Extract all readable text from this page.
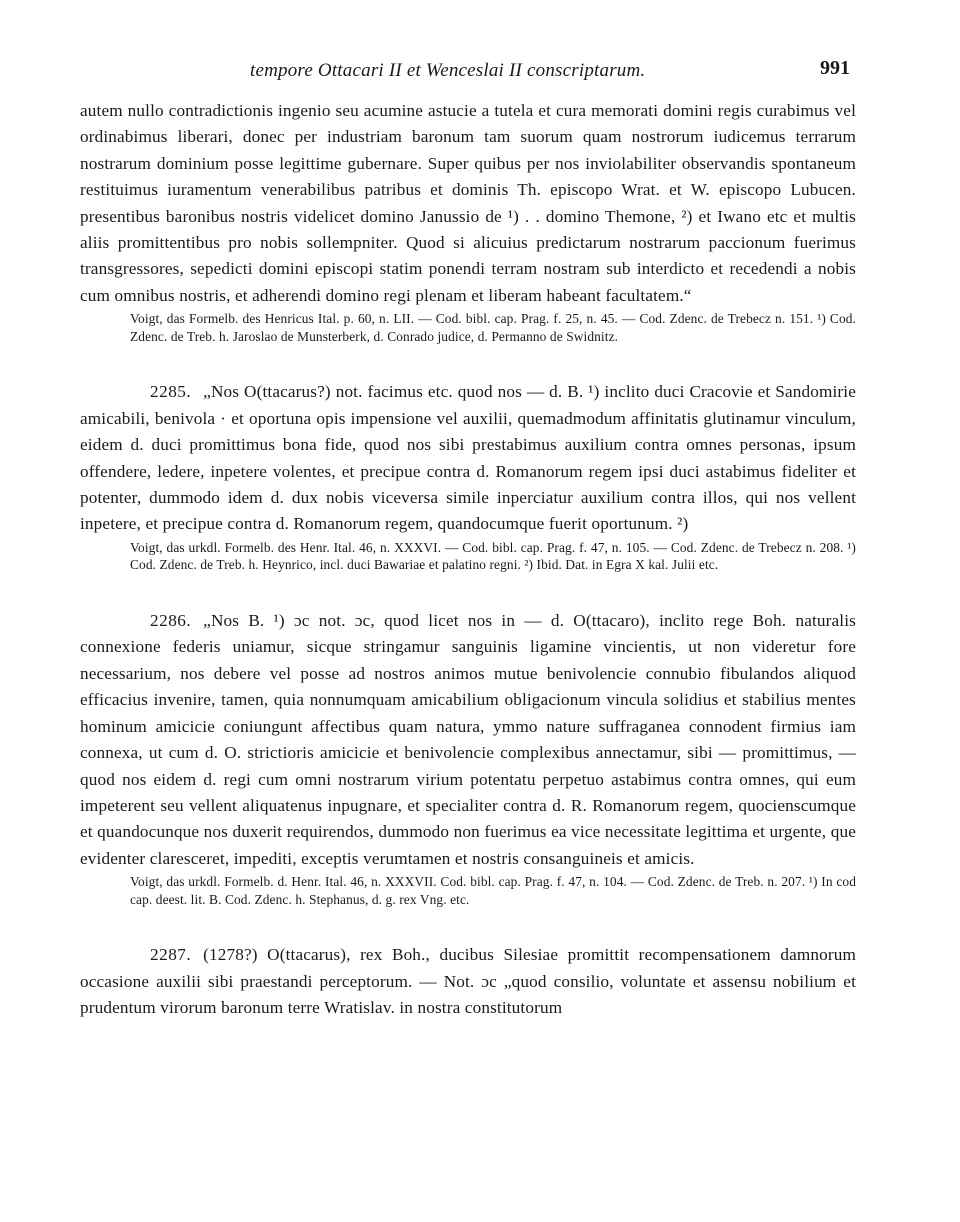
tempore Ottacari II et Wenceslai II conscriptarum.	991

autem nullo contradictionis ingenio seu acumine astucie a tutela et cura memorati domini regis curabimus vel ordinabimus liberari, donec per industriam baronum tam suorum quam nostrorum iudicemus terrarum nostrarum dominium posse legittime gubernare. Super quibus per nos inviolabiliter observandis spontaneum restituimus iuramentum venerabilibus patribus et dominis Th. episcopo Wrat. et W. episcopo Lubucen. presentibus baronibus nostris videlicet domino Janussio de ¹) . . domino Themone, ²) et Iwano etc et multis aliis promittentibus pro nobis sollempniter. Quod si alicuius predictarum nostrarum paccionum fuerimus transgressores, sepedicti domini episcopi statim ponendi terram nostram sub interdicto et recedendi a nobis cum omnibus nostris, et adherendi domino regi plenam et liberam habeant facultatem.“

Voigt, das Formelb. des Henricus Ital. p. 60, n. LII. — Cod. bibl. cap. Prag. f. 25, n. 45. — Cod. Zdenc. de Trebecz n. 151. ¹) Cod. Zdenc. de Treb. h. Jaroslao de Munsterberk, d. Conrado judice, d. Permanno de Swidnitz.

2285. „Nos O(ttacarus?) not. facimus etc. quod nos — d. B. ¹) inclito duci Cracovie et Sandomirie amicabili, benivola · et oportuna opis impensione vel auxilii, quemadmodum affinitatis glutinamur vinculum, eidem d. duci promittimus bona fide, quod nos sibi prestabimus auxilium contra omnes personas, ipsum offendere, ledere, inpetere volentes, et precipue contra d. Romanorum regem ipsi duci astabimus fideliter et potenter, dummodo idem d. dux nobis viceversa simile inperciatur auxilium contra illos, qui nos vellent inpetere, et precipue contra d. Romanorum regem, quandocumque fuerit oportunum. ²)

Voigt, das urkdl. Formelb. des Henr. Ital. 46, n. XXXVI. — Cod. bibl. cap. Prag. f. 47, n. 105. — Cod. Zdenc. de Trebecz n. 208. ¹) Cod. Zdenc. de Treb. h. Heynrico, incl. duci Bawariae et palatino regni. ²) Ibid. Dat. in Egra X kal. Julii etc.

2286. „Nos B. ¹) ɔc not. ɔc, quod licet nos in — d. O(ttacaro), inclito rege Boh. naturalis connexione federis uniamur, sicque stringamur sanguinis ligamine vincientis, ut non videretur fore necessarium, nos debere vel posse ad nostros animos mutue benivolencie connubio fibulandos aliquod efficacius invenire, tamen, quia nonnumquam amicabilium obligacionum vincula solidius et stabilius mentes hominum amicicie coniungunt affectibus quam natura, ymmo nature suffraganea connodent firmius iam connexa, ut cum d. O. strictioris amicicie et benivolencie complexibus annectamur, sibi — promittimus, — quod nos eidem d. regi cum omni nostrarum virium potentatu perpetuo astabimus contra omnes, qui eum impeterent seu vellent aliquatenus inpugnare, et specialiter contra d. R. Romanorum regem, quocienscumque et quandocunque nos duxerit requirendos, dummodo non fuerimus ea vice necessitate legittima et urgente, que evidenter claresceret, impediti, exceptis verumtamen et nostris consanguineis et amicis.

Voigt, das urkdl. Formelb. d. Henr. Ital. 46, n. XXXVII. Cod. bibl. cap. Prag. f. 47, n. 104. — Cod. Zdenc. de Treb. n. 207. ¹) In cod cap. deest. lit. B. Cod. Zdenc. h. Stephanus, d. g. rex Vng. etc.

2287. (1278?) O(ttacarus), rex Boh., ducibus Silesiae promittit recompensationem damnorum occasione auxilii sibi praestandi perceptorum. — Not. ɔc „quod consilio, voluntate et assensu nobilium et prudentum virorum baronum terre Wratislav. in nostra constitutorum
